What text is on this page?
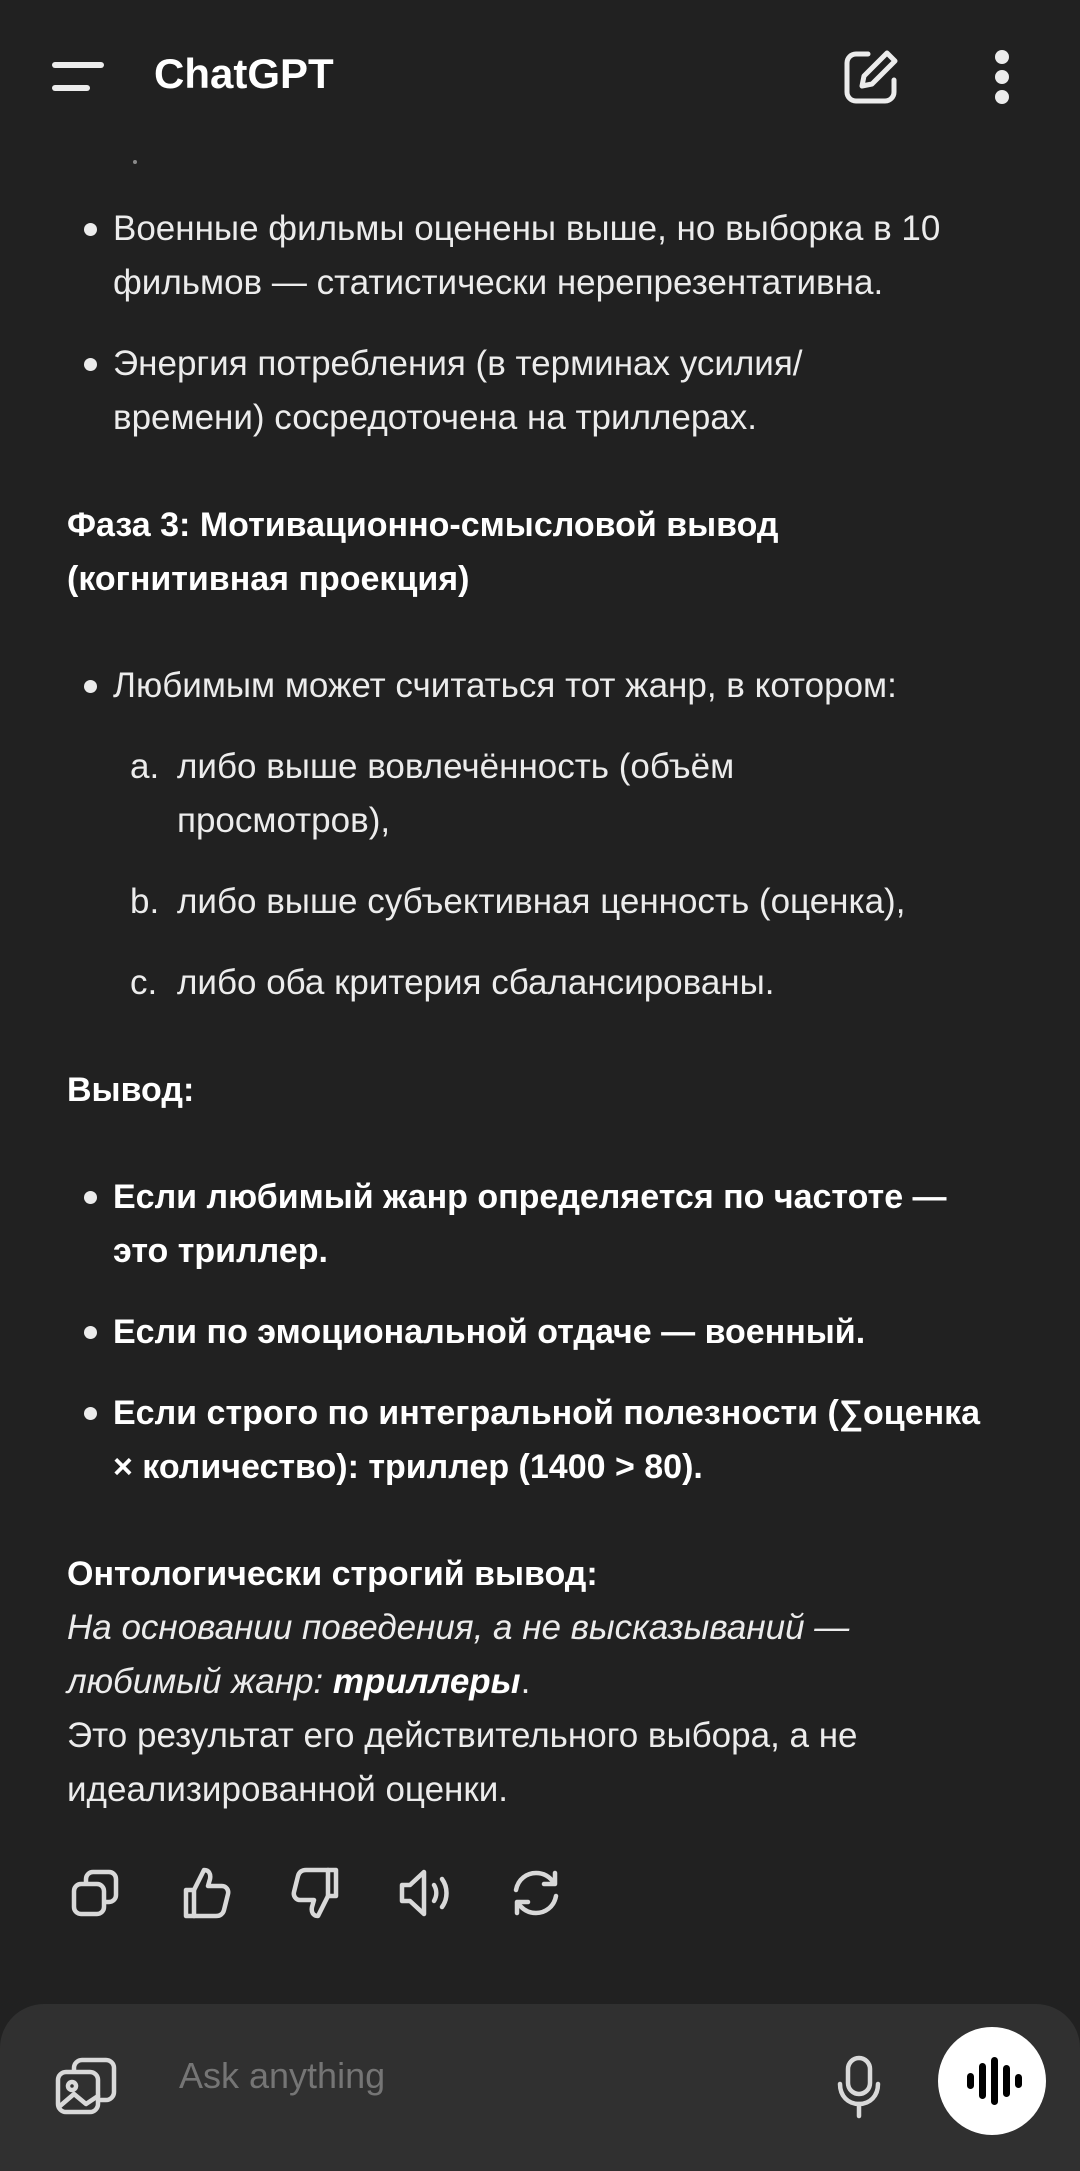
ChatGPT
Военные фильмы оценены выше, но выборка в 10
фильмов — статистически нерепрезентативна.
Энергия потребления (в терминах усилия/
времени) сосредоточена на триллерах.
Фаза 3: Мотивационно-смысловой вывод
(когнитивная проекция)
Любимым может считаться тот жанр, в котором:
a. либо выше вовлечённость (объём
просмотров),
b. либо выше субъективная ценность (оценка),
c. либо оба критерия сбалансированы.
Вывод:
Если любимый жанр определяется по частоте —
это триллер.
Если по эмоциональной отдаче — военный.
Если строго по интегральной полезности (∑оценка
× количество): триллер (1400 > 80).
Онтологически строгий вывод:
На основании поведения, а не высказываний —
любимый жанр: триллеры.
Это результат его действительного выбора, а не
идеализированной оценки.
Ask anything
